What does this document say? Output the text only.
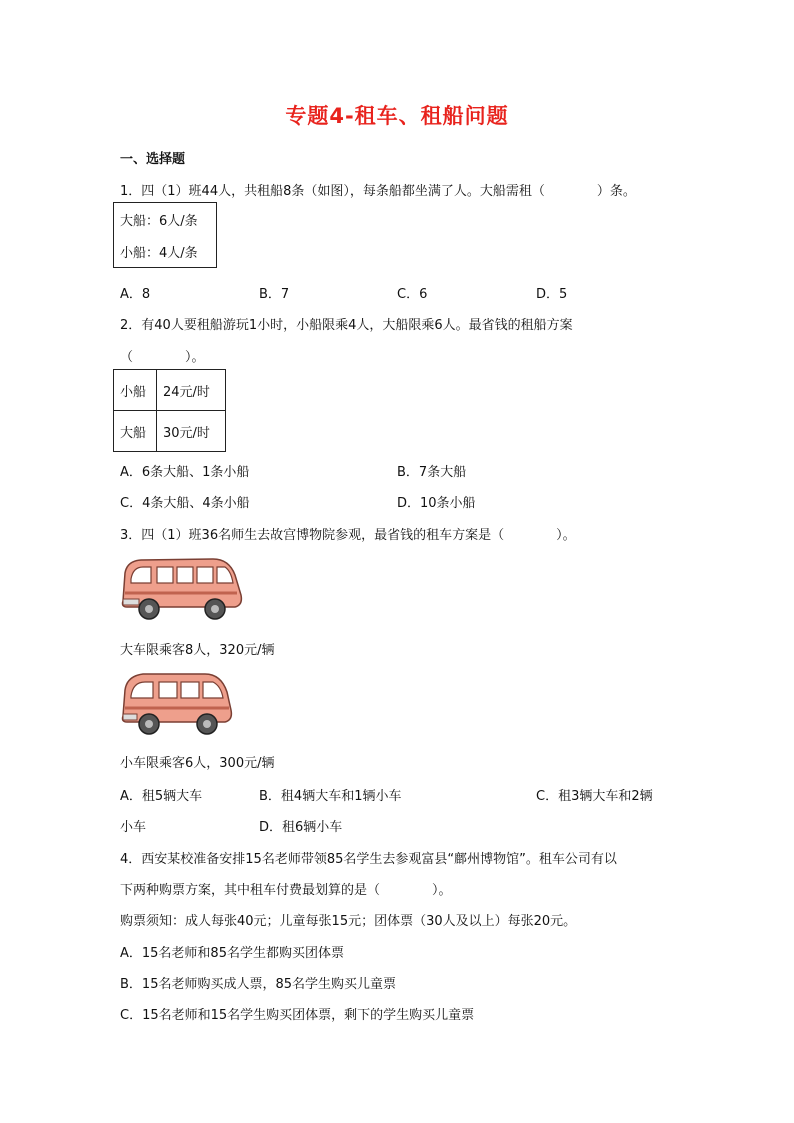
专题4-租车、租船问题
一、选择题
1．四（1）班44人，共租船8条（如图），每条船都坐满了人。大船需租（　　　　）条。
大船：6人/条
小船：4人/条
A．8	B．7	C．6	D．5
2．有40人要租船游玩1小时，小船限乘4人，大船限乘6人。最省钱的租船方案
（　　　　）。
小船	24元/时
大船	30元/时
A．6条大船、1条小船	B．7条大船
C．4条大船、4条小船	D．10条小船
3．四（1）班36名师生去故宫博物院参观，最省钱的租车方案是（　　　　）。
大车限乘客8人，320元/辆
小车限乘客6人，300元/辆
A．租5辆大车	B．租4辆大车和1辆小车	C．租3辆大车和2辆
小车	D．租6辆小车
4．西安某校准备安排15名老师带领85名学生去参观富县“鄜州博物馆”。租车公司有以
下两种购票方案，其中租车付费最划算的是（　　　　）。
购票须知：成人每张40元；儿童每张15元；团体票（30人及以上）每张20元。
A．15名老师和85名学生都购买团体票
B．15名老师购买成人票，85名学生购买儿童票
C．15名老师和15名学生购买团体票，剩下的学生购买儿童票
